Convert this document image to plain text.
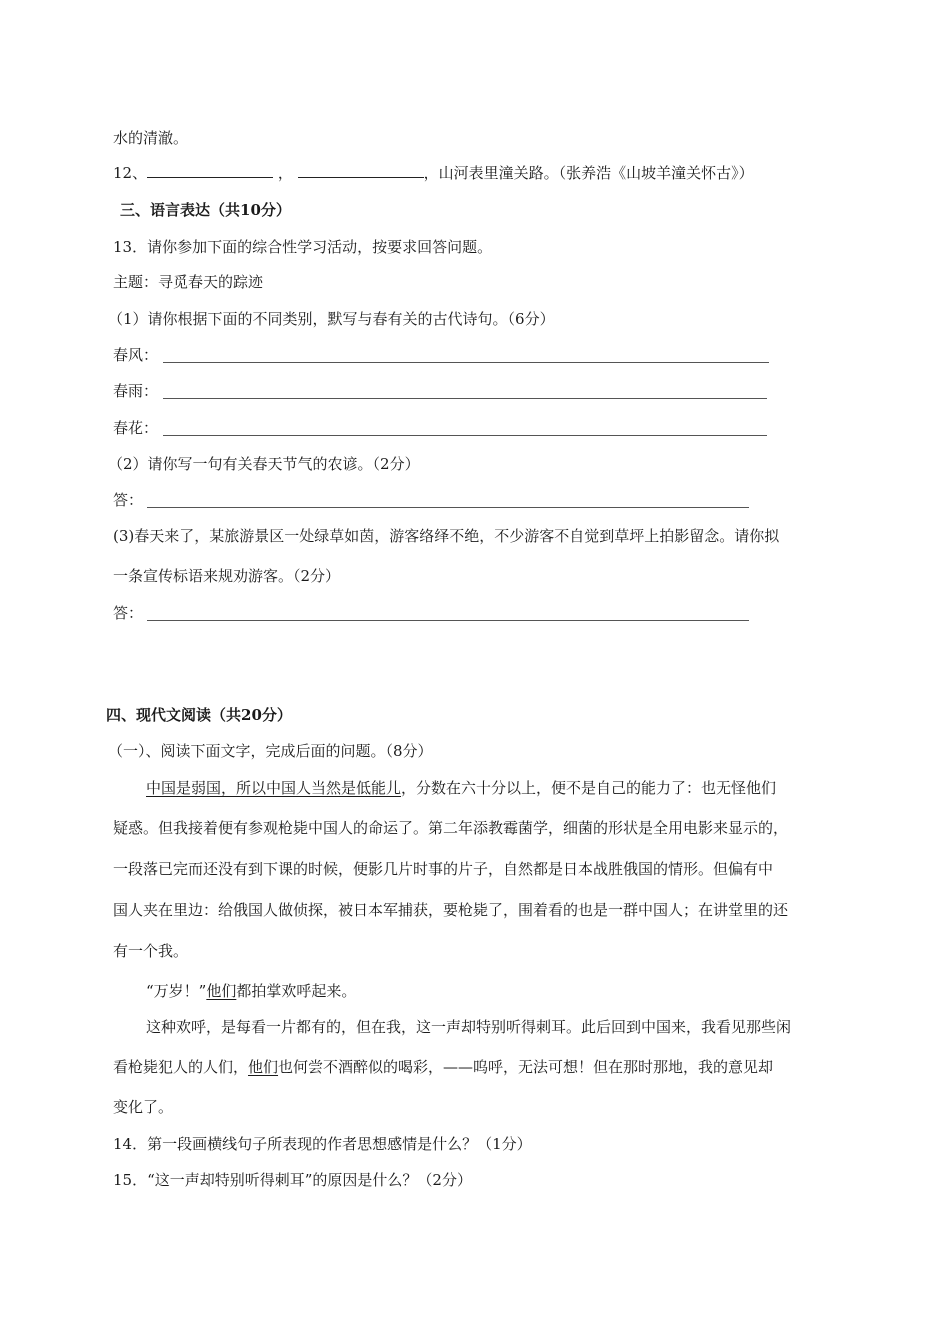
水的清澈。
12、	，	，山河表里潼关路。（张养浩《山坡羊潼关怀古》）
三、语言表达（共10分）
13．请你参加下面的综合性学习活动，按要求回答问题。
主题：寻觅春天的踪迹
（1）请你根据下面的不同类别，默写与春有关的古代诗句。（6分）
春风：
春雨：
春花：
（2）请你写一句有关春天节气的农谚。（2分）
答：
(3)春天来了，某旅游景区一处绿草如茵，游客络绎不绝，不少游客不自觉到草坪上拍影留念。请你拟
一条宣传标语来规劝游客。（2分）
答：
四、现代文阅读（共20分）
（一）、阅读下面文字，完成后面的问题。（8分）
中国是弱国，所以中国人当然是低能儿，分数在六十分以上，便不是自己的能力了：也无怪他们
疑惑。但我接着便有参观枪毙中国人的命运了。第二年添教霉菌学，细菌的形状是全用电影来显示的，
一段落已完而还没有到下课的时候，便影几片时事的片子，自然都是日本战胜俄国的情形。但偏有中
国人夹在里边：给俄国人做侦探，被日本军捕获，要枪毙了，围着看的也是一群中国人；在讲堂里的还
有一个我。
“万岁！”他们都拍掌欢呼起来。
这种欢呼，是每看一片都有的，但在我，这一声却特别听得刺耳。此后回到中国来，我看见那些闲
看枪毙犯人的人们，他们也何尝不酒醉似的喝彩，——呜呼，无法可想！但在那时那地，我的意见却
变化了。
14．第一段画横线句子所表现的作者思想感情是什么？（1分）
15．“这一声却特别听得刺耳”的原因是什么？（2分）
